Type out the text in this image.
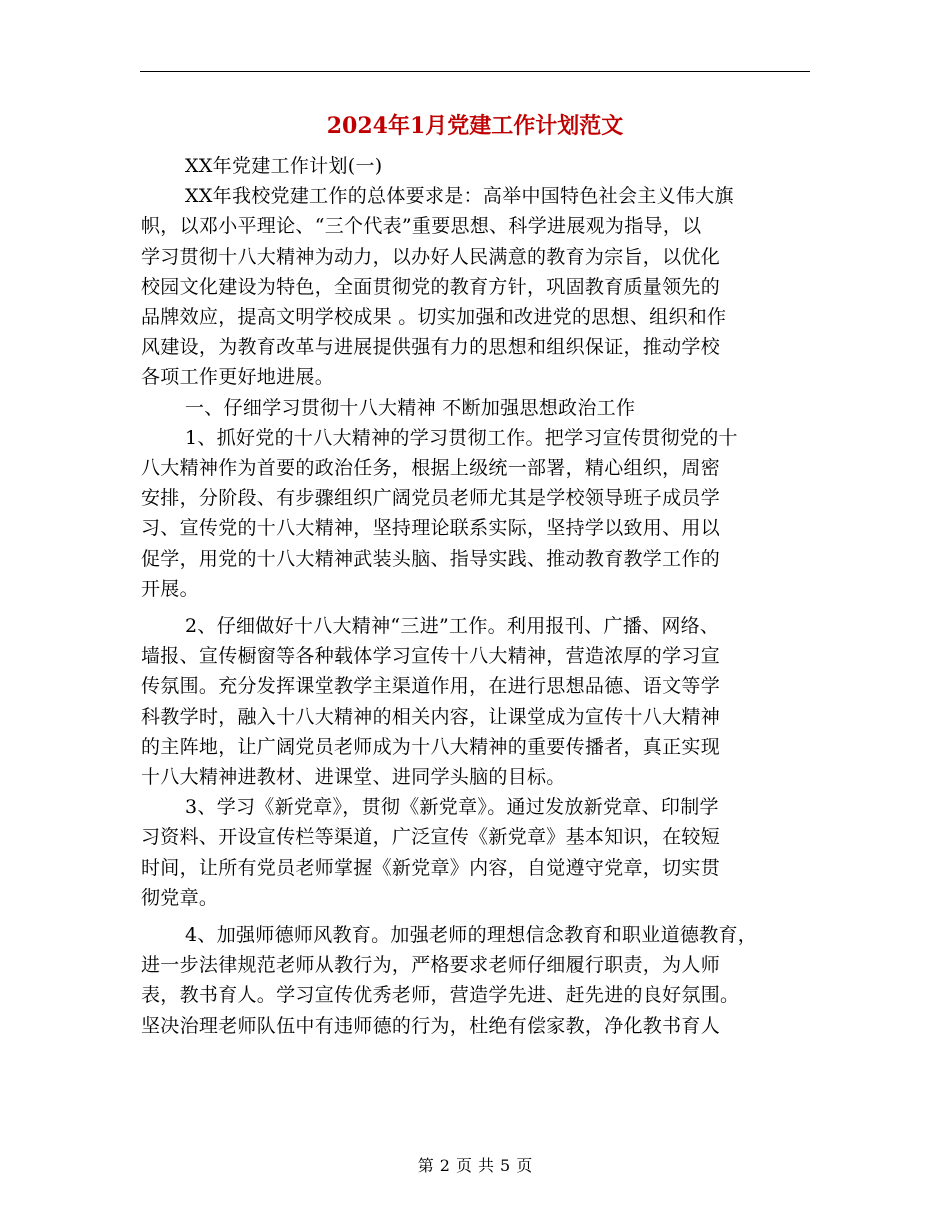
2024年1月党建工作计划范文

XX年党建工作计划(一)

XX年我校党建工作的总体要求是：高举中国特色社会主义伟大旗

帜，以邓小平理论、“三个代表”重要思想、科学进展观为指导，以

学习贯彻十八大精神为动力，以办好人民满意的教育为宗旨，以优化

校园文化建设为特色，全面贯彻党的教育方针，巩固教育质量领先的

品牌效应，提高文明学校成果 。切实加强和改进党的思想、组织和作

风建设，为教育改革与进展提供强有力的思想和组织保证，推动学校

各项工作更好地进展。

一、仔细学习贯彻十八大精神 不断加强思想政治工作

1、抓好党的十八大精神的学习贯彻工作。把学习宣传贯彻党的十

八大精神作为首要的政治任务，根据上级统一部署，精心组织，周密

安排，分阶段、有步骤组织广阔党员老师尤其是学校领导班子成员学

习、宣传党的十八大精神，坚持理论联系实际，坚持学以致用、用以

促学，用党的十八大精神武装头脑、指导实践、推动教育教学工作的

开展。

2、仔细做好十八大精神“三进”工作。利用报刊、广播、网络、

墙报、宣传橱窗等各种载体学习宣传十八大精神，营造浓厚的学习宣

传氛围。充分发挥课堂教学主渠道作用，在进行思想品德、语文等学

科教学时，融入十八大精神的相关内容，让课堂成为宣传十八大精神

的主阵地，让广阔党员老师成为十八大精神的重要传播者，真正实现

十八大精神进教材、进课堂、进同学头脑的目标。

3、学习《新党章》，贯彻《新党章》。通过发放新党章、印制学

习资料、开设宣传栏等渠道，广泛宣传《新党章》基本知识，在较短

时间，让所有党员老师掌握《新党章》内容，自觉遵守党章，切实贯

彻党章。

4、加强师德师风教育。加强老师的理想信念教育和职业道德教育，

进一步法律规范老师从教行为，严格要求老师仔细履行职责，为人师

表，教书育人。学习宣传优秀老师，营造学先进、赶先进的良好氛围。

坚决治理老师队伍中有违师德的行为，杜绝有偿家教，净化教书育人

第 2 页 共 5 页
